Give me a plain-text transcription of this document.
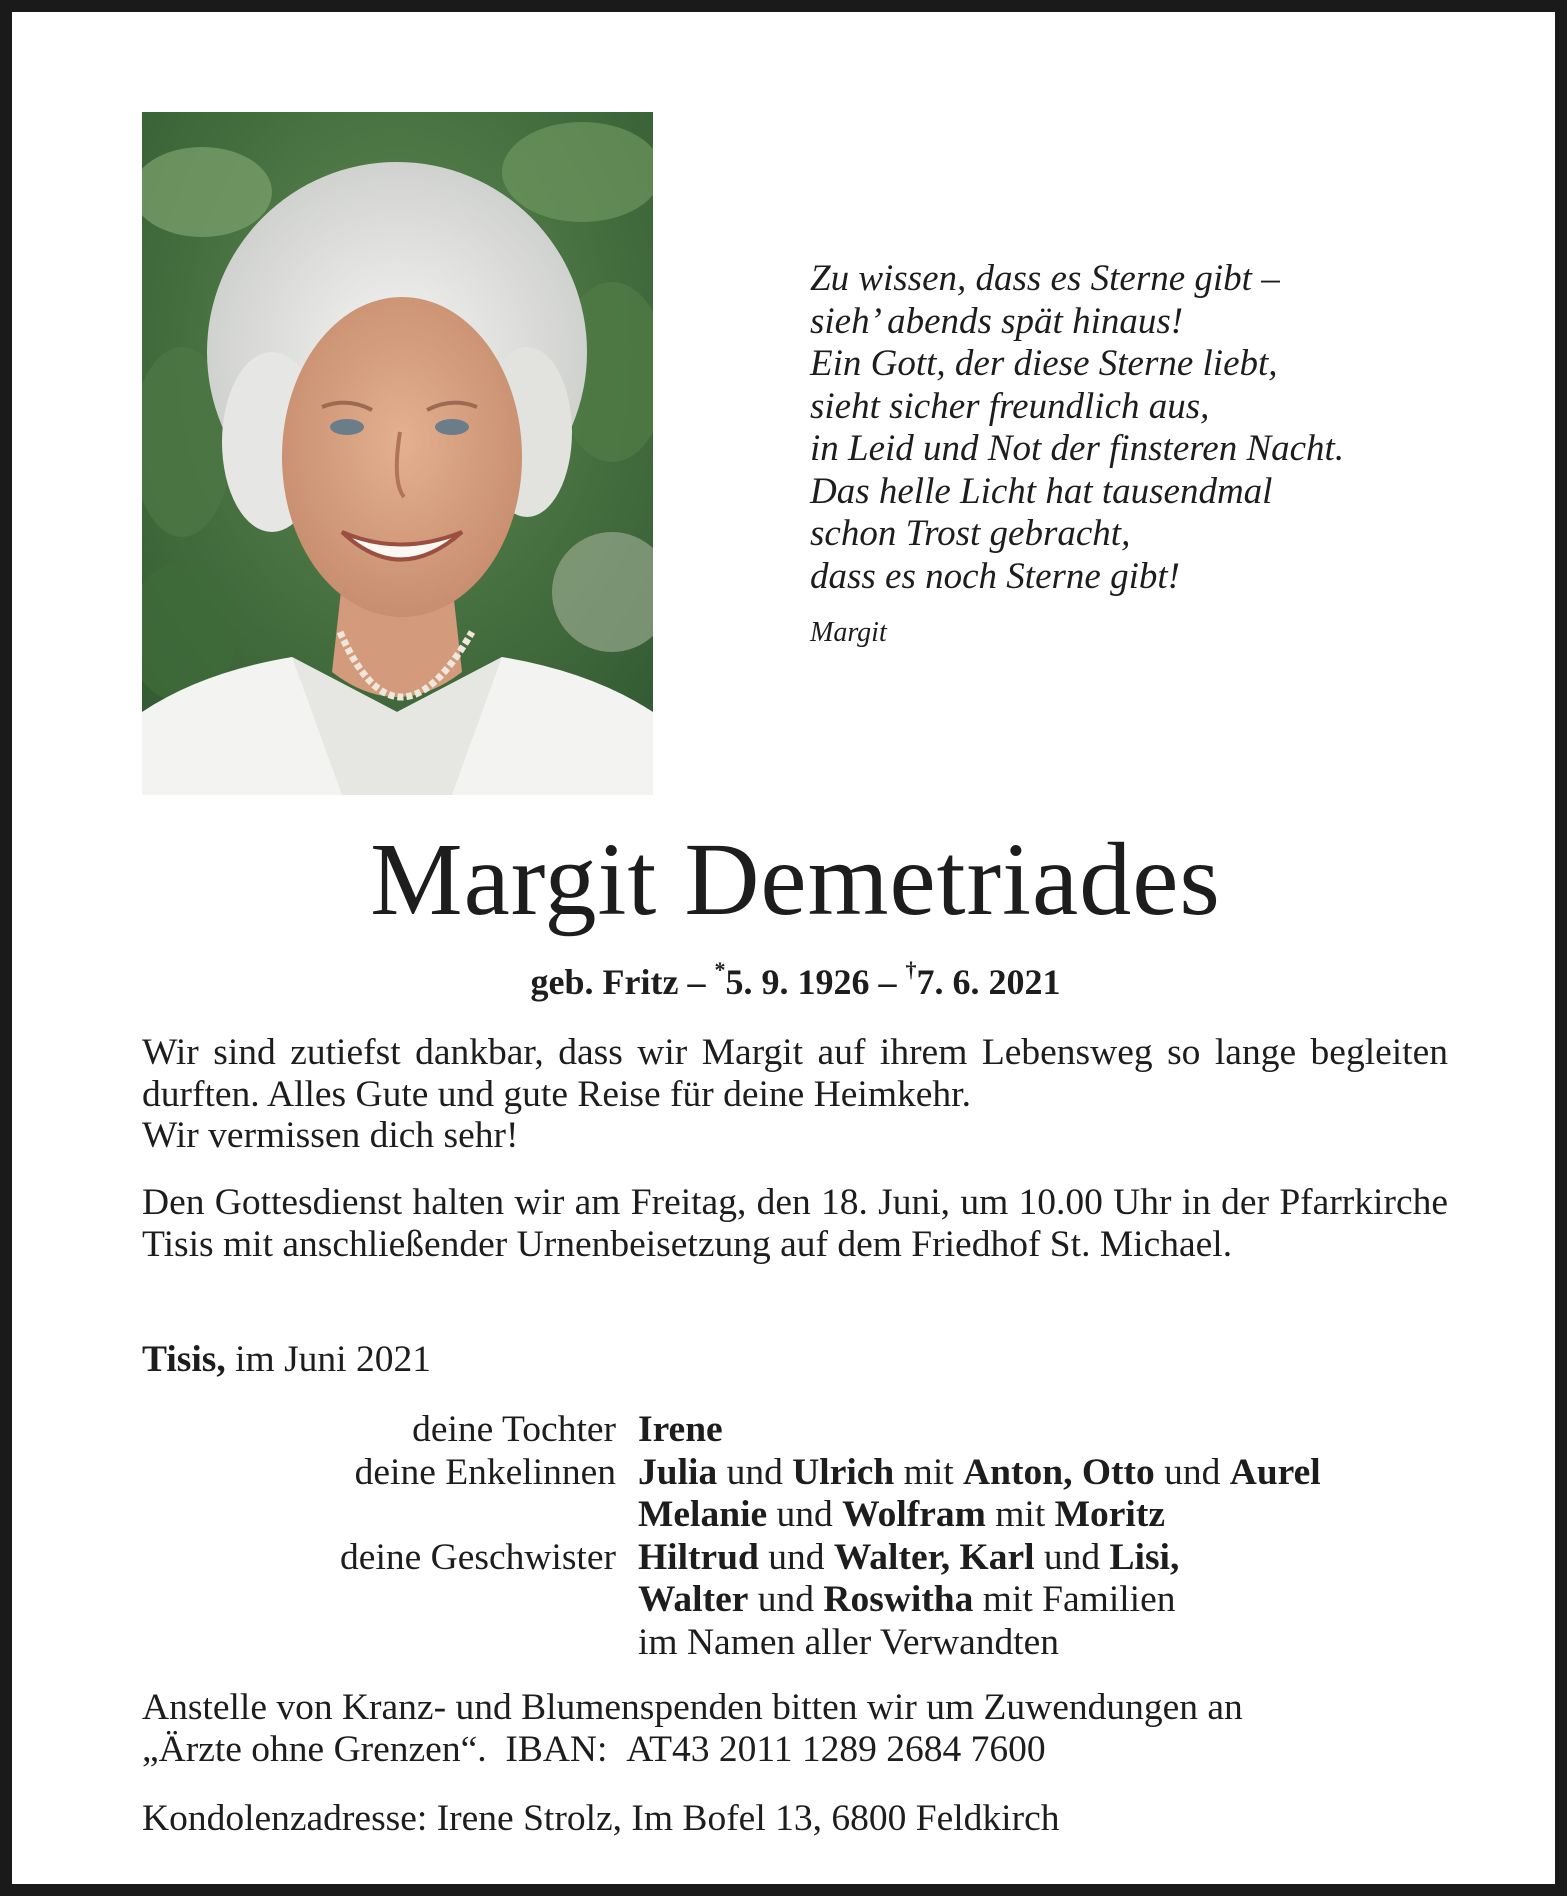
Zu wissen, dass es Sterne gibt –
sieh’ abends spät hinaus!
Ein Gott, der diese Sterne liebt,
sieht sicher freundlich aus,
in Leid und Not der finsteren Nacht.
Das helle Licht hat tausendmal
schon Trost gebracht,
dass es noch Sterne gibt!
Margit
Margit Demetriades
geb. Fritz – *5. 9. 1926 – †7. 6. 2021
Wir sind zutiefst dankbar, dass wir Margit auf ihrem Lebensweg so lange begleiten durften. Alles Gute und gute Reise für deine Heimkehr.
Wir vermissen dich sehr!
Den Gottesdienst halten wir am Freitag, den 18. Juni, um 10.00 Uhr in der Pfarrkirche Tisis mit anschließender Urnenbeisetzung auf dem Friedhof St. Michael.
Tisis, im Juni 2021
deine Tochter Irene
deine Enkelinnen Julia und Ulrich mit Anton, Otto und Aurel
Melanie und Wolfram mit Moritz
deine Geschwister Hiltrud und Walter, Karl und Lisi,
Walter und Roswitha mit Familien
im Namen aller Verwandten
Anstelle von Kranz- und Blumenspenden bitten wir um Zuwendungen an
„Ärzte ohne Grenzen“. IBAN: AT43 2011 1289 2684 7600
Kondolenzadresse: Irene Strolz, Im Bofel 13, 6800 Feldkirch
